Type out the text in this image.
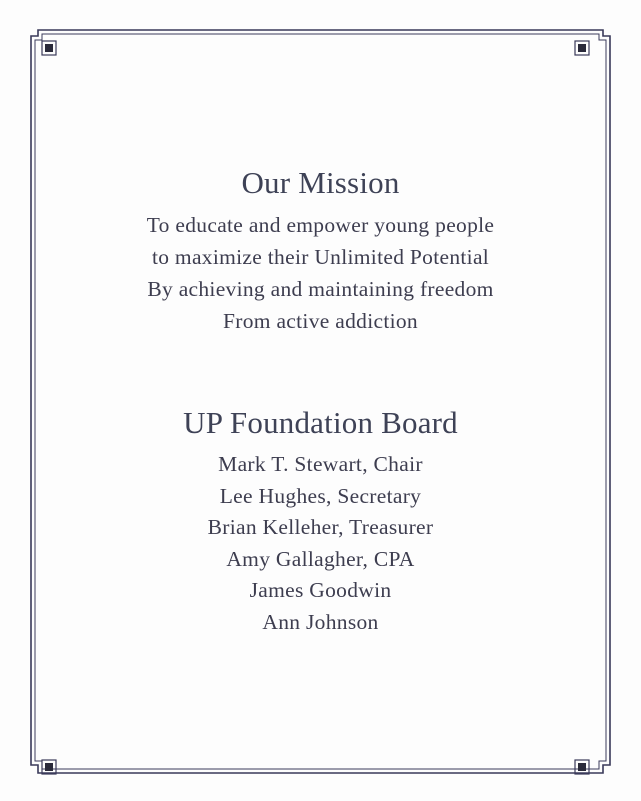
Our Mission

To educate and empower young people

to maximize their Unlimited Potential

By achieving and maintaining freedom

From active addiction

UP Foundation Board

Mark T. Stewart, Chair

Lee Hughes, Secretary

Brian Kelleher, Treasurer

Amy Gallagher, CPA

James Goodwin

Ann Johnson
